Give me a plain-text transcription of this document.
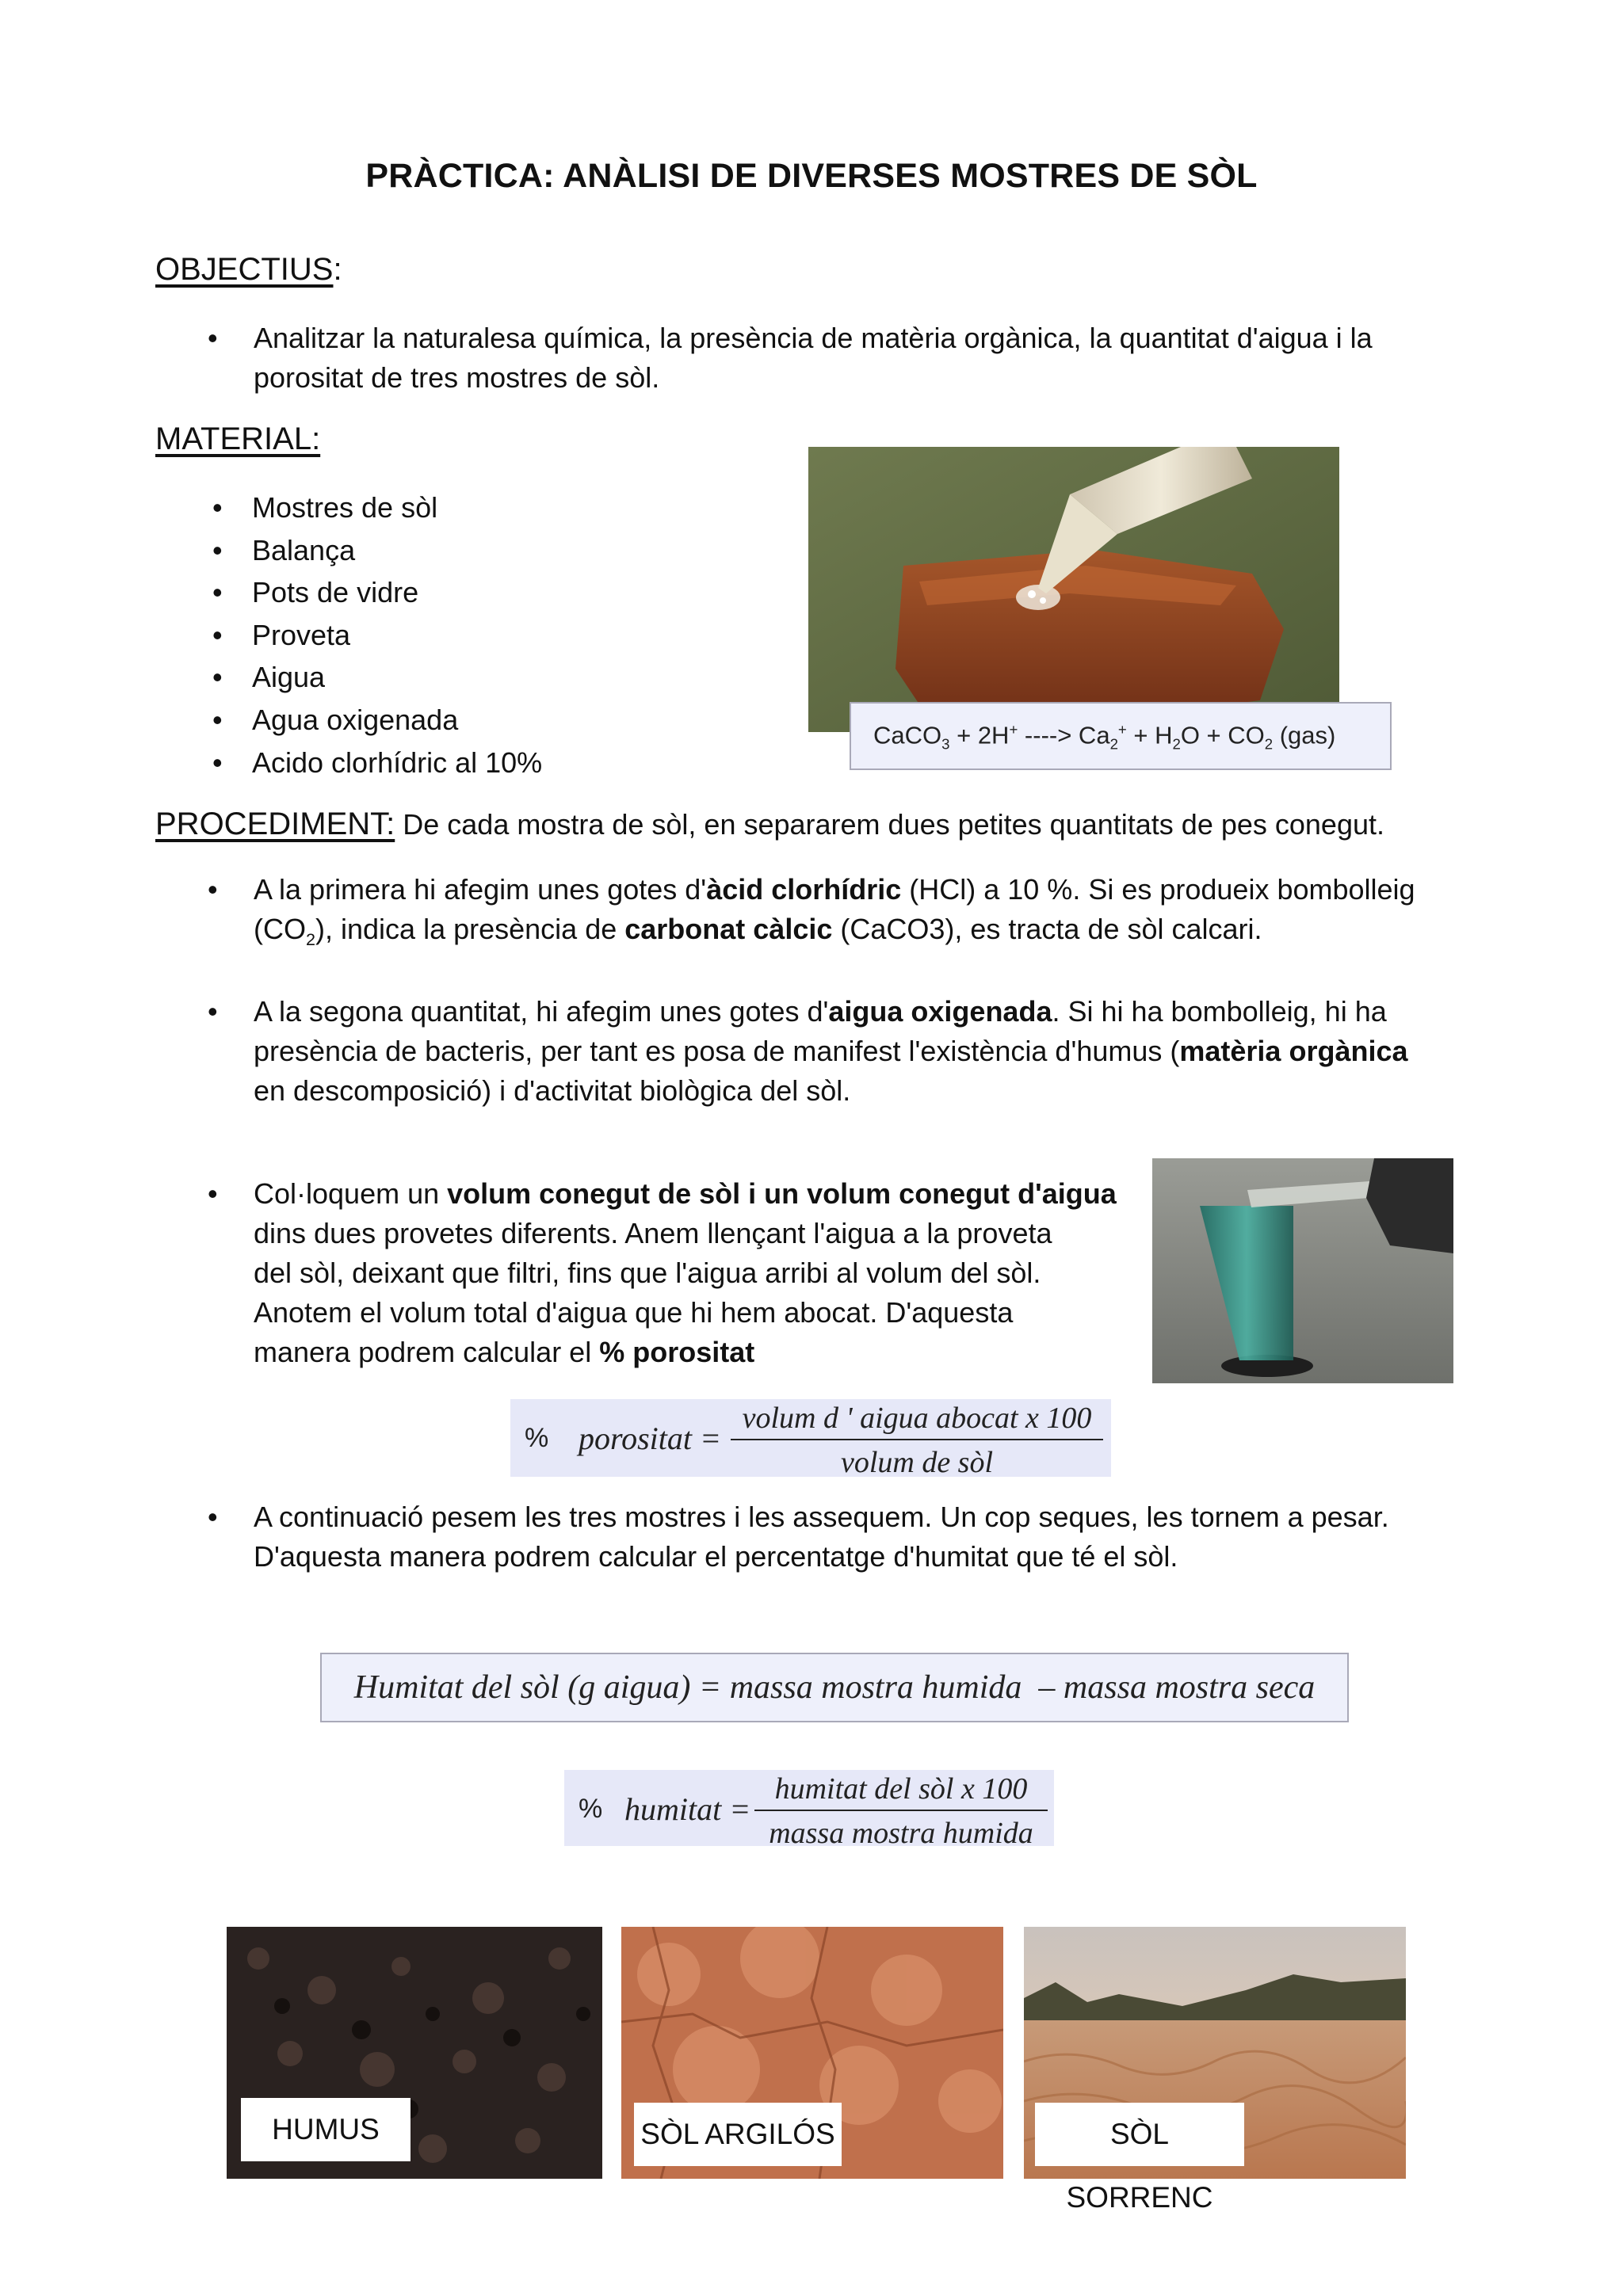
PRÀCTICA: ANÀLISI DE DIVERSES MOSTRES DE SÒL
OBJECTIUS:
• Analitzar la naturalesa química, la presència de matèria orgànica, la quantitat d'aigua i la
porositat de tres mostres de sòl.
MATERIAL:
• Mostres de sòl
• Balança
• Pots de vidre
• Proveta
• Aigua
• Agua oxigenada
• Acido clorhídric al 10%
CaCO$_3$ + 2H+ ----> $Ca_2^+ + H_2O + CO_2$ (gas)
PROCEDIMENT: De cada mostra de sòl, en separarem dues petites quantitats de pes conegut.
• A la primera hi afegim unes gotes d'àcid clorhídric (HCl) a 10 %. Si es produeix bombolleig
$(CO_2)$, indica la presència de carbonat càlcic (CaCO3), es tracta de sòl calcari.
• A la segona quantitat, hi afegim unes gotes d'aigua oxigenada. Si hi ha bombolleig, hi ha
presència de bacteris, per tant es posa de manifest l'existència d'humus (matèria orgànica
en descomposició) i d'activitat biològica del sòl.
• Col·loquem un volum conegut de sòl i un volum conegut d'aigua
dins dues provetes diferents. Anem llençant l'aigua a la proveta
del sòl, deixant que filtri, fins que l'aigua arribi al volum del sòl.
Anotem el volum total d'aigua que hi hem abocat. D'aquesta
manera podrem calcular el % porositat
% porositat =
volum d ' aigua abocat x 100
volum de sòl
• A continuació pesem les tres mostres i les assequem. Un cop seques, les tornem a pesar.
D'aquesta manera podrem calcular el percentatge d'humitat que té el sòl.
Humitat del sòl (g aigua) = massa mostra humida  – massa mostra seca
% humitat =
humitat del sòl x 100
massa mostra humida
HUMUS	SÒL ARGILÓS	SÒL SORRENC
